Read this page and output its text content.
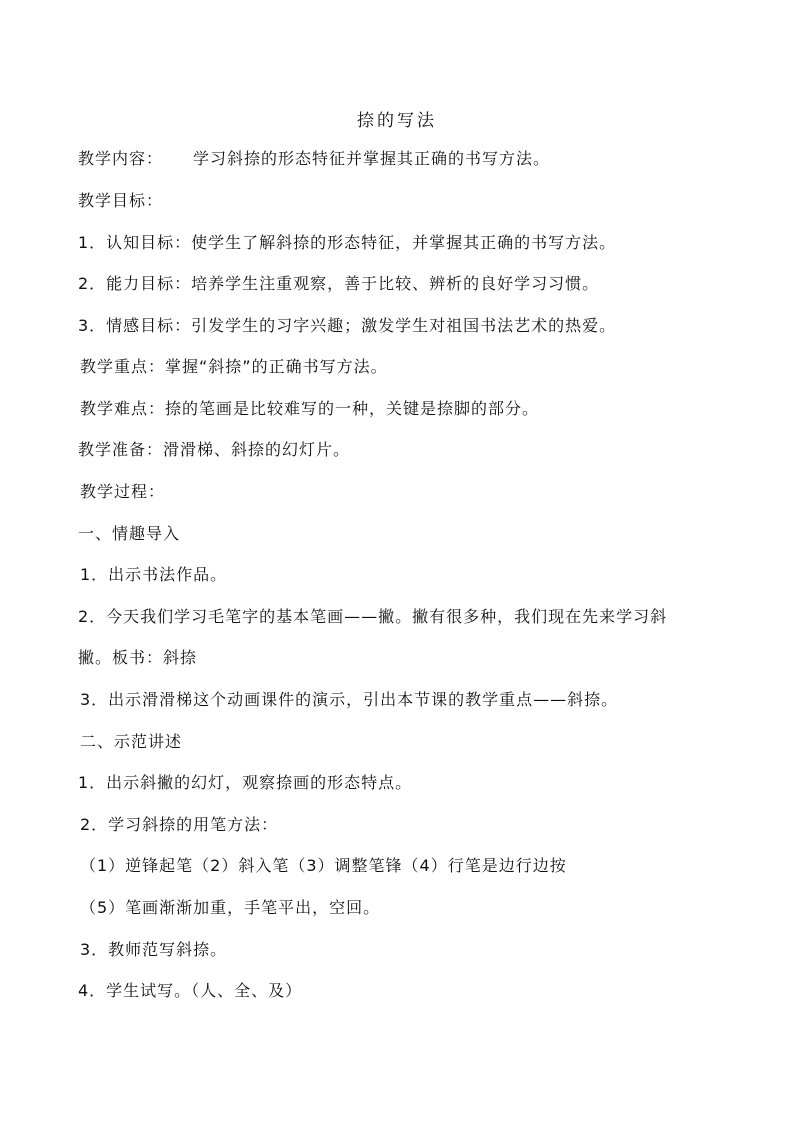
捺的写法
教学内容： 学习斜捺的形态特征并掌握其正确的书写方法。
教学目标：
1．认知目标：使学生了解斜捺的形态特征，并掌握其正确的书写方法。
2．能力目标：培养学生注重观察，善于比较、辨析的良好学习习惯。
3．情感目标：引发学生的习字兴趣；激发学生对祖国书法艺术的热爱。
教学重点：掌握“斜捺”的正确书写方法。
教学难点：捺的笔画是比较难写的一种，关键是捺脚的部分。
教学准备：滑滑梯、斜捺的幻灯片。
教学过程：
一、情趣导入
1．出示书法作品。
2．今天我们学习毛笔字的基本笔画——撇。撇有很多种，我们现在先来学习斜
撇。板书：斜捺
3．出示滑滑梯这个动画课件的演示，引出本节课的教学重点——斜捺。
二、示范讲述
1．出示斜撇的幻灯，观察捺画的形态特点。
2．学习斜捺的用笔方法：
（1）逆锋起笔（2）斜入笔（3）调整笔锋（4）行笔是边行边按
（5）笔画渐渐加重，手笔平出，空回。
3．教师范写斜捺。
4．学生试写。（人、全、及）
